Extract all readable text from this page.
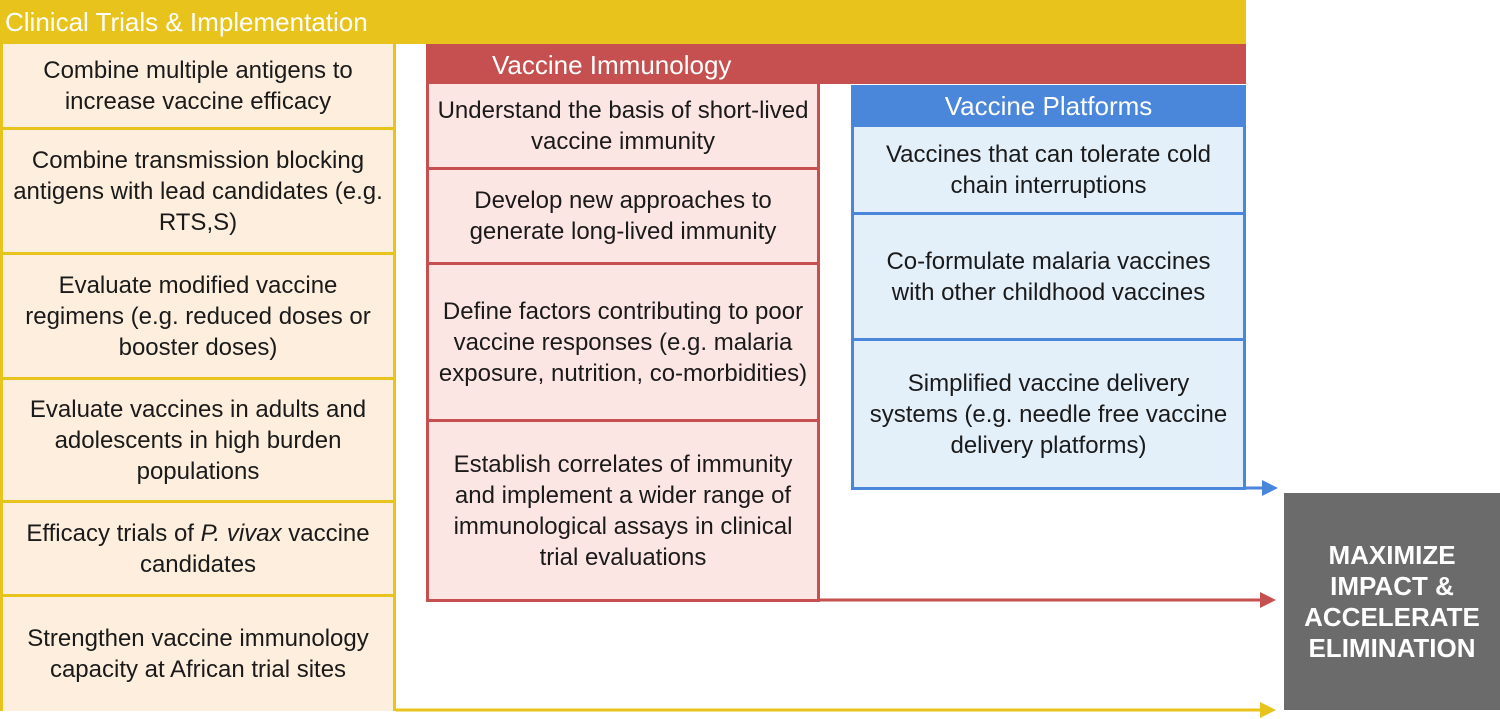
Clinical Trials & Implementation
Combine multiple antigens to increase vaccine efficacy
Combine transmission blocking antigens with lead candidates (e.g. RTS,S)
Evaluate modified vaccine regimens (e.g. reduced doses or booster doses)
Evaluate vaccines in adults and adolescents in high burden populations
Efficacy trials of P. vivax vaccine candidates
Strengthen vaccine immunology capacity at African trial sites
Vaccine Immunology
Understand the basis of short-lived vaccine immunity
Develop new approaches to generate long-lived immunity
Define factors contributing to poor vaccine responses (e.g. malaria exposure, nutrition, co-morbidities)
Establish correlates of immunity and implement a wider range of immunological assays in clinical trial evaluations
Vaccine Platforms
Vaccines that can tolerate cold chain interruptions
Co-formulate malaria vaccines with other childhood vaccines
Simplified vaccine delivery systems (e.g. needle free vaccine delivery platforms)
MAXIMIZE IMPACT & ACCELERATE ELIMINATION
